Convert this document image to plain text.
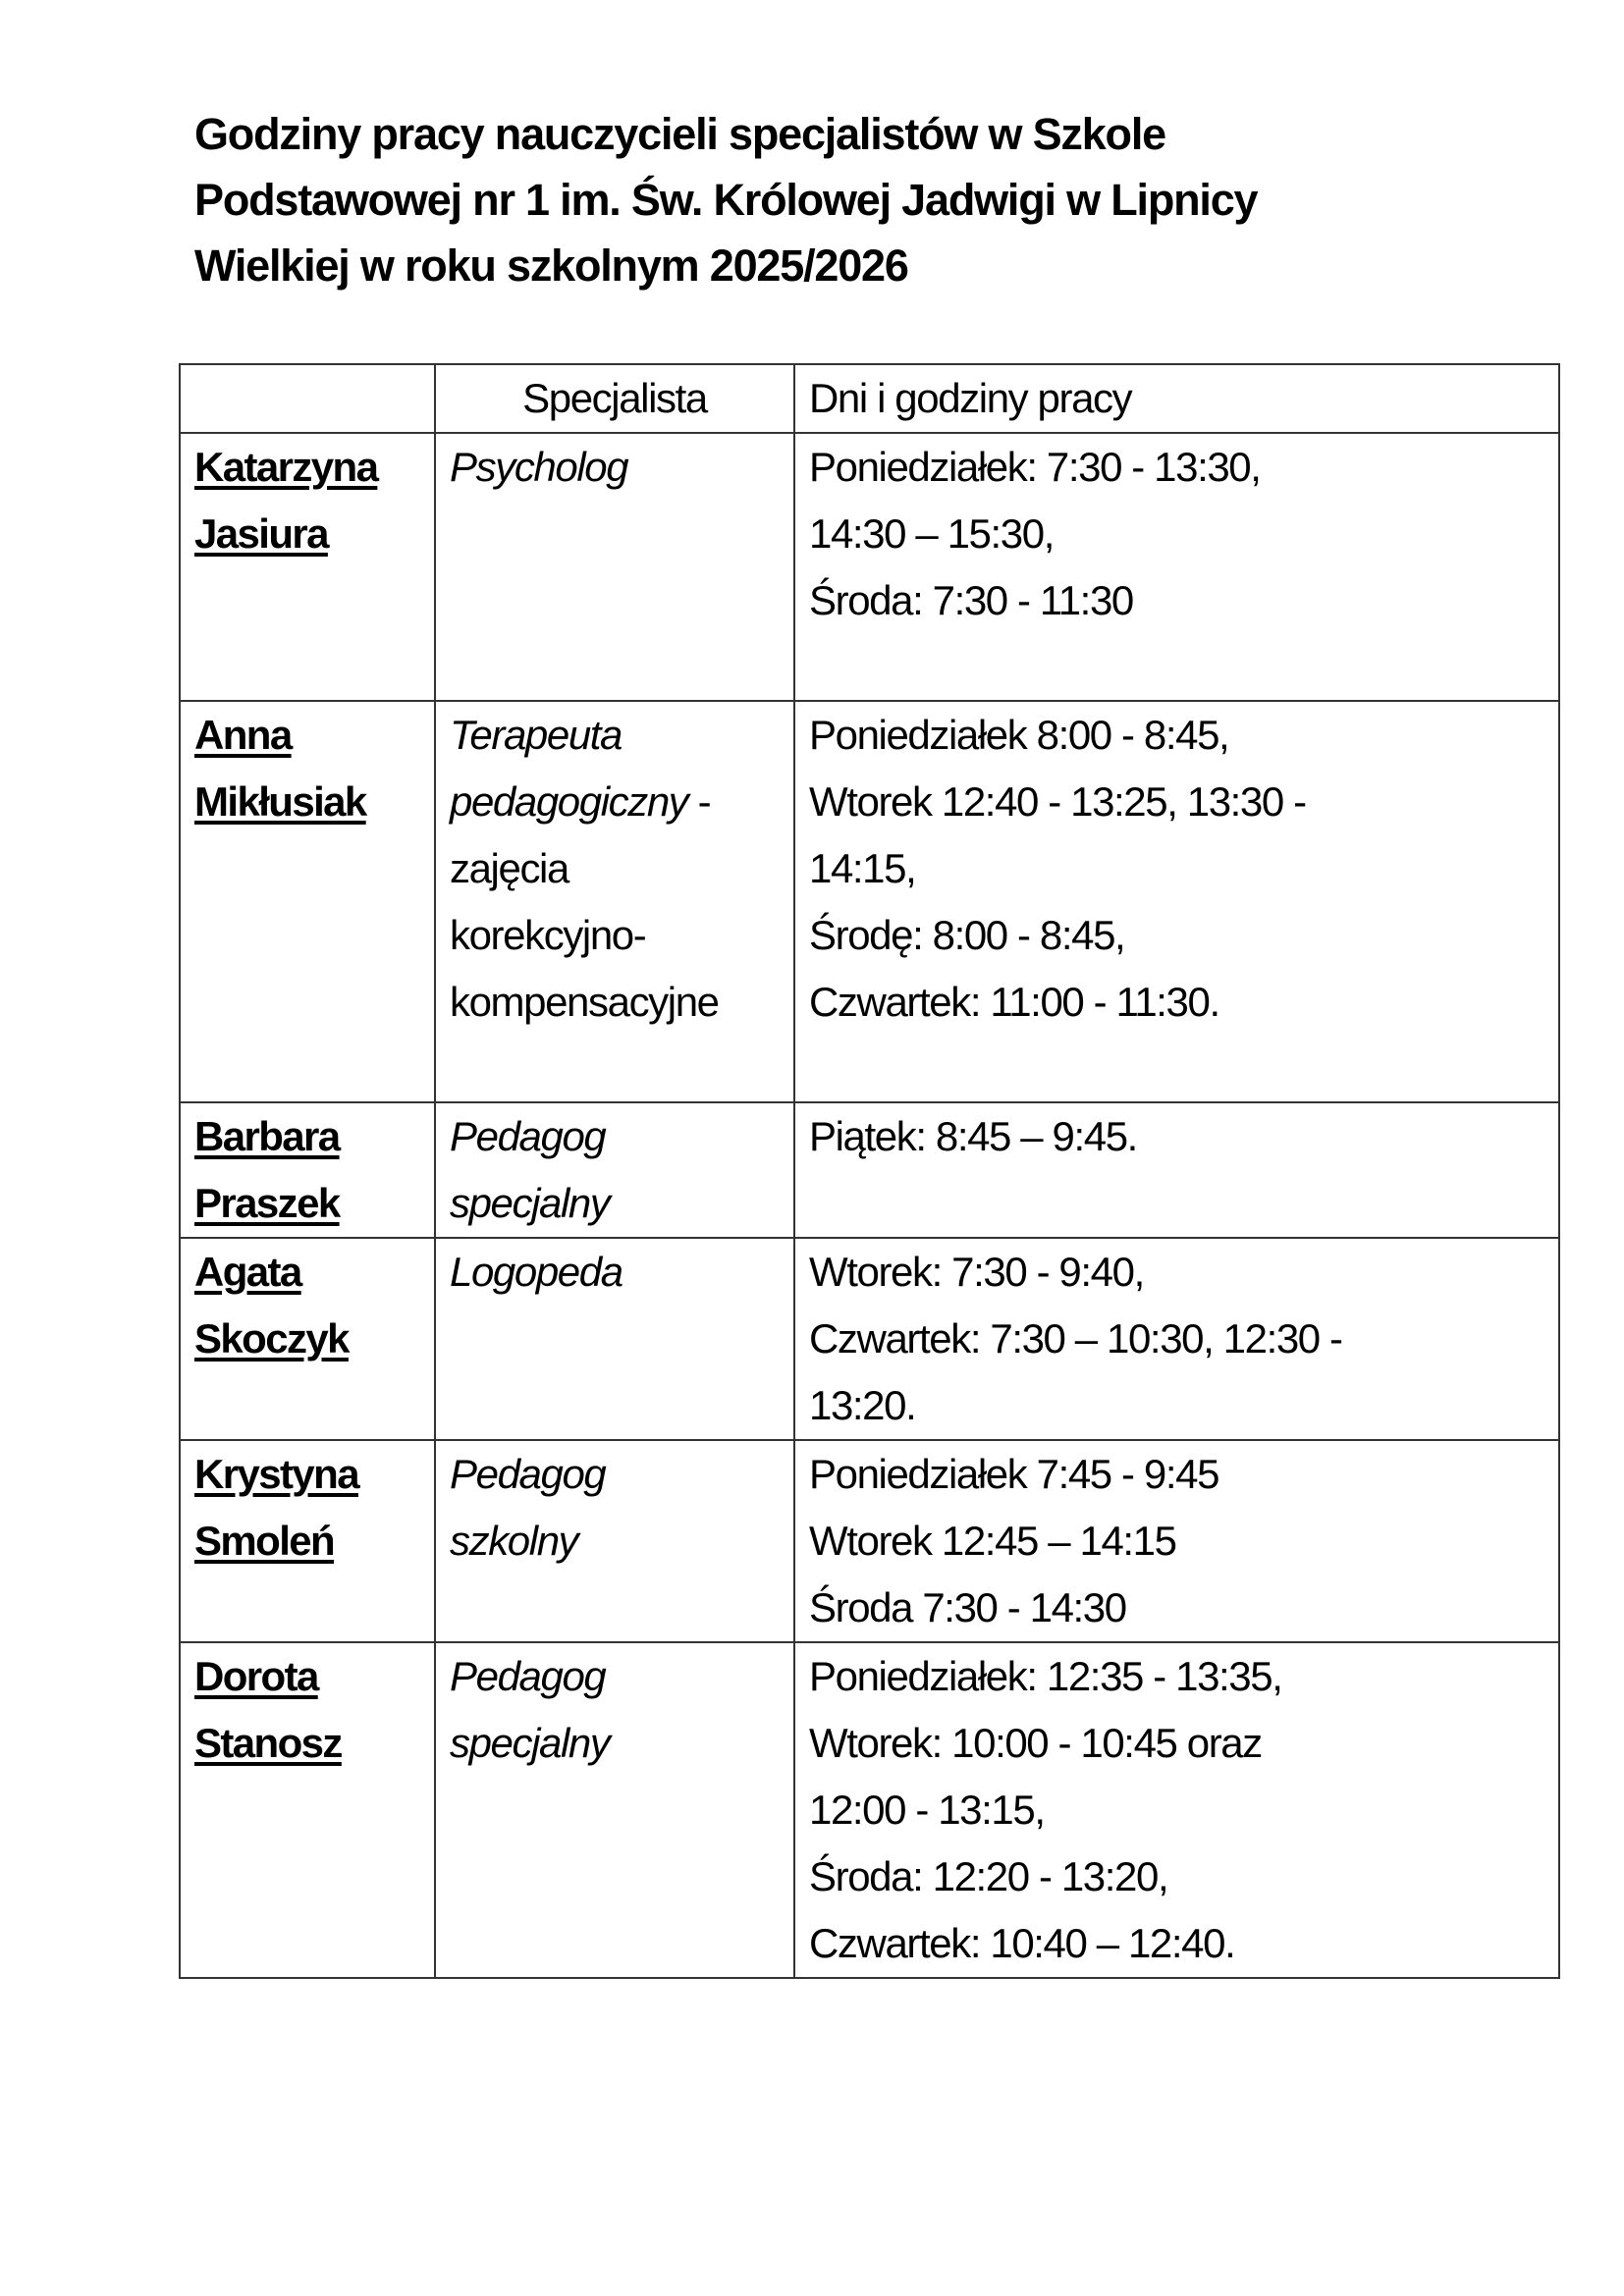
Godziny pracy nauczycieli specjalistów w Szkole
Podstawowej nr 1 im. Św. Królowej Jadwigi w Lipnicy
Wielkiej w roku szkolnym 2025/2026
	Specjalista	Dni i godziny pracy

Katarzyna
Jasiura	Psycholog	Poniedziałek: 7:30 - 13:30,
14:30 – 15:30,
Środa: 7:30 - 11:30

Anna
Mikłusiak	Terapeuta
pedagogiczny -
zajęcia
korekcyjno-
kompensacyjne	Poniedziałek 8:00 - 8:45,
Wtorek 12:40 - 13:25, 13:30 -
14:15,
Środę: 8:00 - 8:45,
Czwartek: 11:00 - 11:30.

Barbara
Praszek	Pedagog
specjalny	Piątek: 8:45 – 9:45.

Agata
Skoczyk	Logopeda	Wtorek: 7:30 - 9:40,
Czwartek: 7:30 – 10:30, 12:30 -
13:20.

Krystyna
Smoleń	Pedagog
szkolny	Poniedziałek 7:45 - 9:45
Wtorek 12:45 – 14:15
Środa 7:30 - 14:30

Dorota
Stanosz	Pedagog
specjalny	Poniedziałek: 12:35 - 13:35,
Wtorek: 10:00 - 10:45 oraz
12:00 - 13:15,
Środa: 12:20 - 13:20,
Czwartek: 10:40 – 12:40.
